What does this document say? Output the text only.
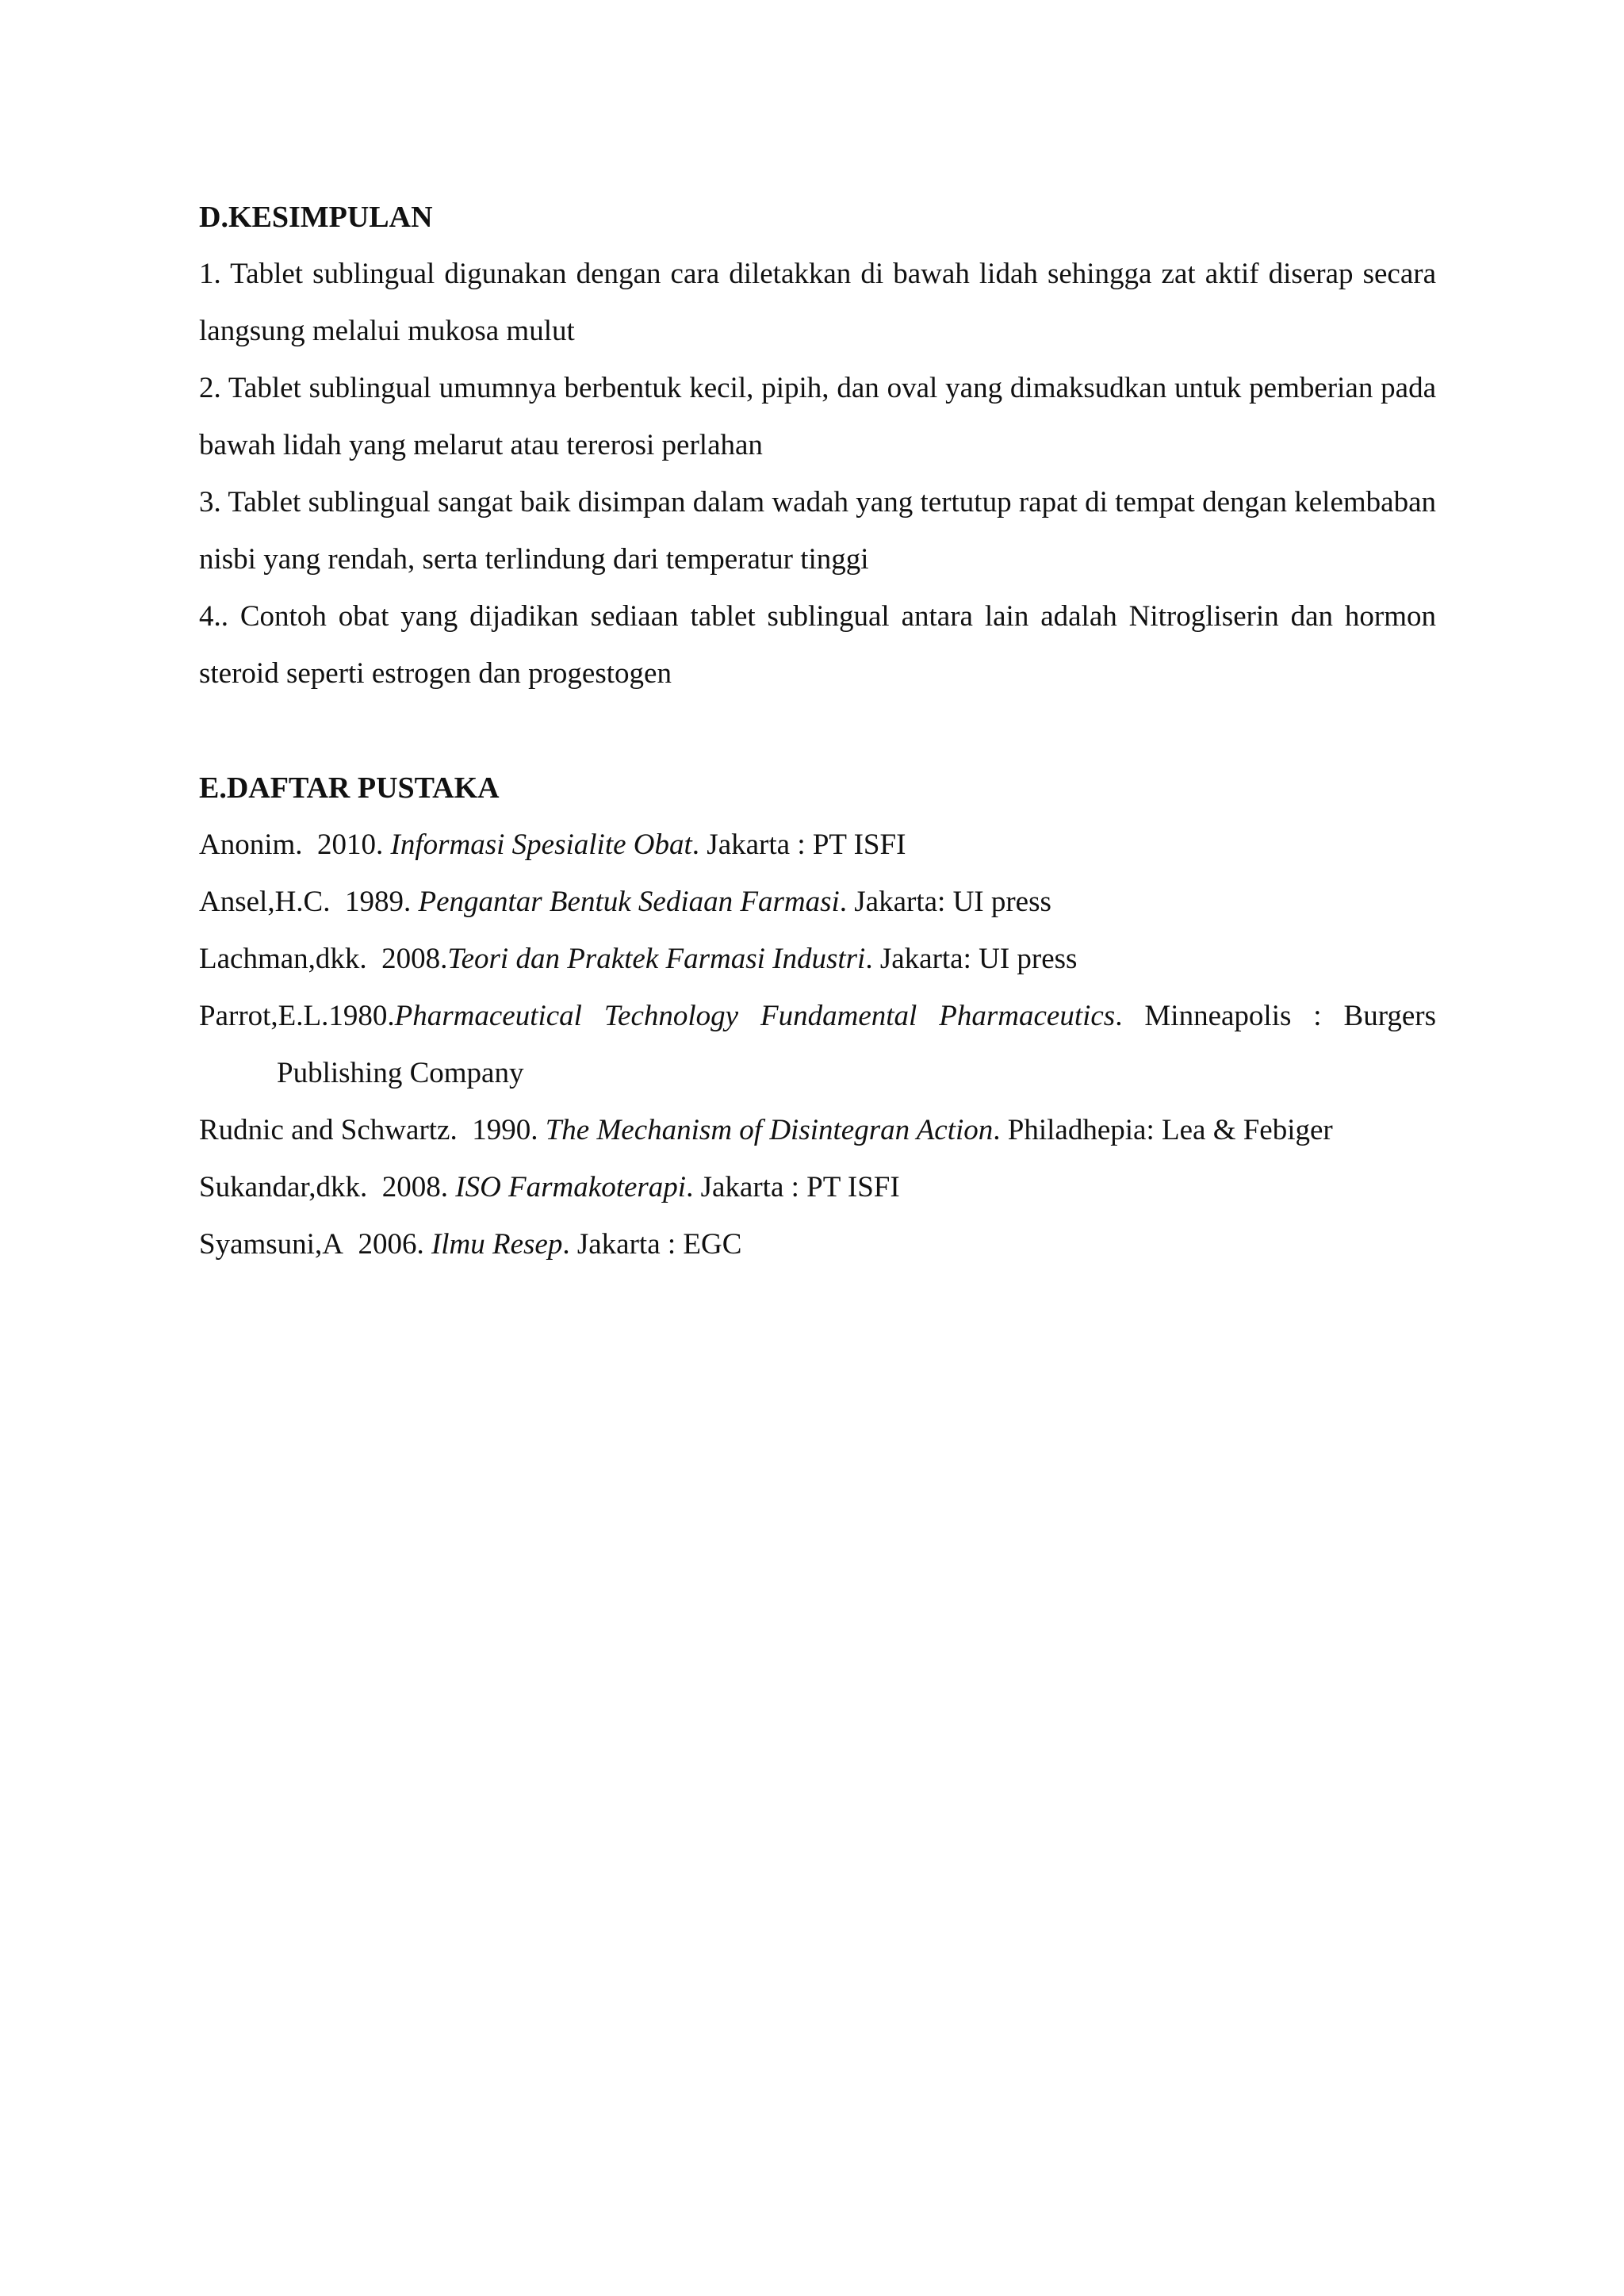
D.KESIMPULAN

1. Tablet sublingual digunakan dengan cara diletakkan di bawah lidah sehingga zat aktif diserap secara langsung melalui mukosa mulut

2. Tablet sublingual umumnya berbentuk kecil, pipih, dan oval yang dimaksudkan untuk pemberian pada bawah lidah yang melarut atau tererosi perlahan

3. Tablet sublingual sangat baik disimpan dalam wadah yang tertutup rapat di tempat dengan kelembaban nisbi yang rendah, serta terlindung dari temperatur tinggi

4.. Contoh obat yang dijadikan sediaan tablet sublingual antara lain adalah Nitrogliserin dan hormon steroid seperti estrogen dan progestogen

E.DAFTAR PUSTAKA

Anonim. 2010. Informasi Spesialite Obat. Jakarta : PT ISFI

Ansel,H.C. 1989. Pengantar Bentuk Sediaan Farmasi. Jakarta: UI press

Lachman,dkk. 2008.Teori dan Praktek Farmasi Industri. Jakarta: UI press

Parrot,E.L.1980.Pharmaceutical Technology Fundamental Pharmaceutics. Minneapolis : Burgers Publishing Company

Rudnic and Schwartz. 1990. The Mechanism of Disintegran Action. Philadhepia: Lea & Febiger

Sukandar,dkk. 2008. ISO Farmakoterapi. Jakarta : PT ISFI

Syamsuni,A 2006. Ilmu Resep. Jakarta : EGC
